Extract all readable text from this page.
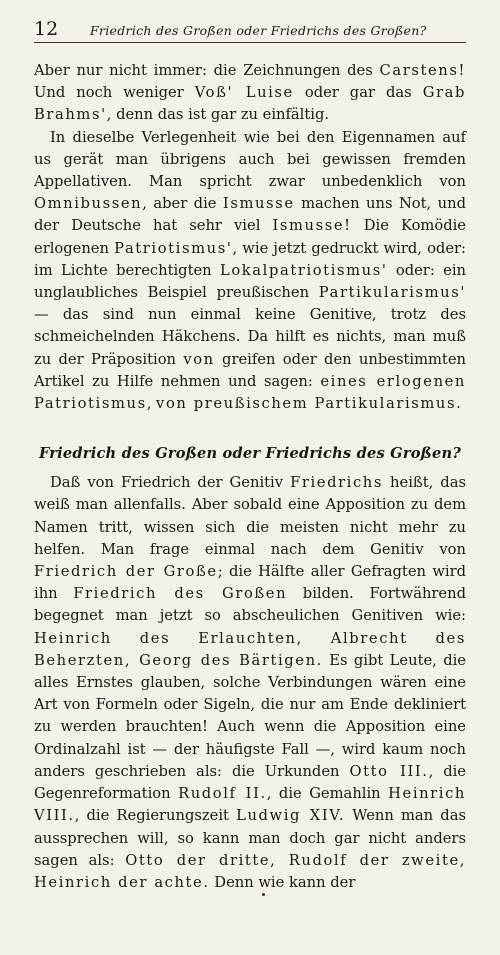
12	Friedrich des Großen oder Friedrichs des Großen?

Aber nur nicht immer: die Zeichnungen des Carstens! Und noch weniger Voß' Luise oder gar das Grab Brahms', denn das ist gar zu einfältig.

In dieselbe Verlegenheit wie bei den Eigennamen auf us gerät man übrigens auch bei gewissen fremden Appellativen. Man spricht zwar unbedenklich von Omnibussen, aber die Ismusse machen uns Not, und der Deutsche hat sehr viel Ismusse! Die Komödie erlogenen Patriotismus', wie jetzt gedruckt wird, oder: im Lichte berechtigten Lokalpatriotismus' oder: ein unglaubliches Beispiel preußischen Partikularismus' — das sind nun einmal keine Genitive, trotz des schmeichelnden Häkchens. Da hilft es nichts, man muß zu der Präposition von greifen oder den unbestimmten Artikel zu Hilfe nehmen und sagen: eines erlogenen Patriotismus, von preußischem Partikularismus.

Friedrich des Großen oder Friedrichs des Großen?

Daß von Friedrich der Genitiv Friedrichs heißt, das weiß man allenfalls. Aber sobald eine Apposition zu dem Namen tritt, wissen sich die meisten nicht mehr zu helfen. Man frage einmal nach dem Genitiv von Friedrich der Große; die Hälfte aller Gefragten wird ihn Friedrich des Großen bilden. Fortwährend begegnet man jetzt so abscheulichen Genitiven wie: Heinrich des Erlauchten, Albrecht des Beherzten, Georg des Bärtigen. Es gibt Leute, die alles Ernstes glauben, solche Verbindungen wären eine Art von Formeln oder Sigeln, die nur am Ende dekliniert zu werden brauchten! Auch wenn die Apposition eine Ordinalzahl ist — der häufigste Fall —, wird kaum noch anders geschrieben als: die Urkunden Otto III., die Gegenreformation Rudolf II., die Gemahlin Heinrich VIII., die Regierungszeit Ludwig XIV. Wenn man das aussprechen will, so kann man doch gar nicht anders sagen als: Otto der dritte, Rudolf der zweite, Heinrich der achte. Denn wie kann der
